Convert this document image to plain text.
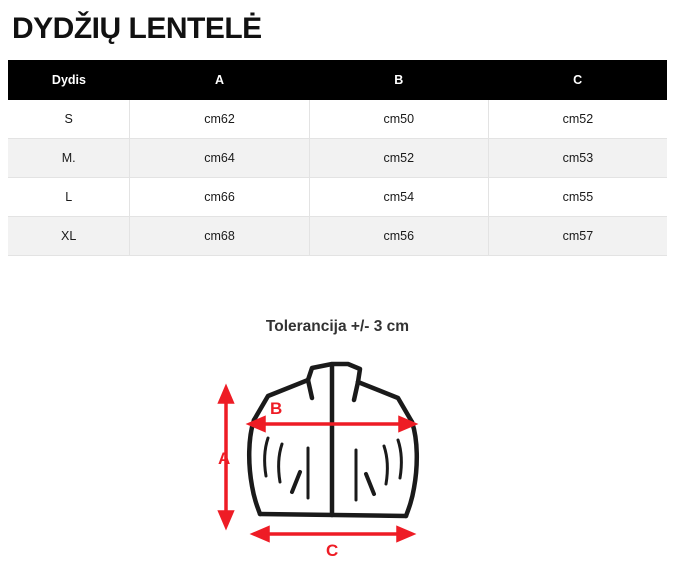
DYDŽIŲ LENTELĖ
Dydis	A	B	C
S	cm62	cm50	cm52
M.	cm64	cm52	cm53
L	cm66	cm54	cm55
XL	cm68	cm56	cm57
Tolerancija +/- 3 cm
A
B
C
